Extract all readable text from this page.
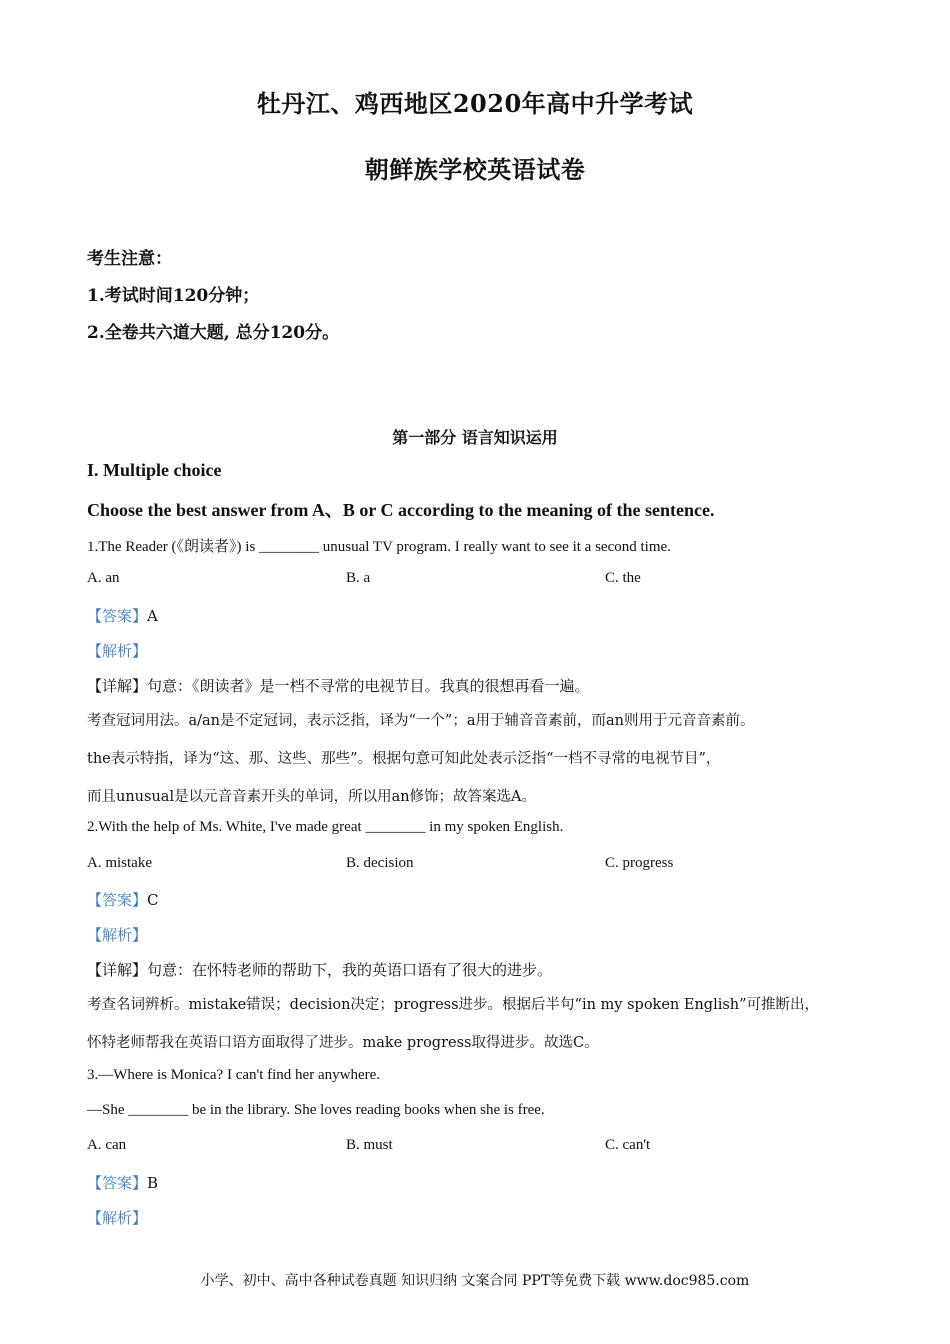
牡丹江、鸡西地区2020年高中升学考试
朝鲜族学校英语试卷
考生注意：
1.考试时间120分钟；
2.全卷共六道大题, 总分120分。
第一部分 语言知识运用
I. Multiple choice
Choose the best answer from A、B or C according to the meaning of the sentence.
1.The Reader (《朗读者》) is ________ unusual TV program. I really want to see it a second time.
A. an	B. a	C. the
【答案】A
【解析】
【详解】句意：《朗读者》是一档不寻常的电视节目。我真的很想再看一遍。
考查冠词用法。a/an是不定冠词，表示泛指，译为“一个”；a用于辅音音素前，而an则用于元音音素前。
the表示特指，译为“这、那、这些、那些”。根据句意可知此处表示泛指“一档不寻常的电视节目”，
而且unusual是以元音音素开头的单词，所以用an修饰；故答案选A。
2.With the help of Ms. White, I've made great ________ in my spoken English.
A. mistake	B. decision	C. progress
【答案】C
【解析】
【详解】句意：在怀特老师的帮助下，我的英语口语有了很大的进步。
考查名词辨析。mistake错误；decision决定；progress进步。根据后半句“in my spoken English”可推断出，
怀特老师帮我在英语口语方面取得了进步。make progress取得进步。故选C。
3.—Where is Monica? I can't find her anywhere.
—She ________ be in the library. She loves reading books when she is free.
A. can	B. must	C. can't
【答案】B
【解析】
小学、初中、高中各种试卷真题 知识归纳 文案合同 PPT等免费下载 www.doc985.com
